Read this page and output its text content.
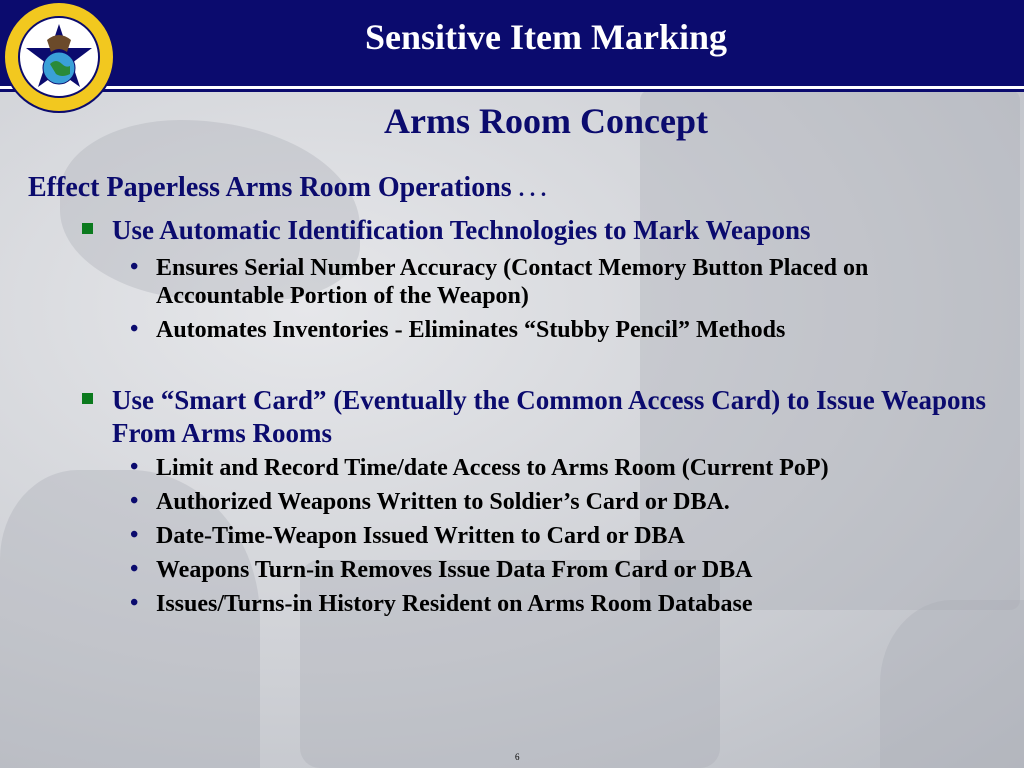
Sensitive Item Marking
Arms Room Concept
Effect Paperless Arms Room Operations . . .
Use Automatic Identification Technologies to Mark Weapons
• Ensures Serial Number Accuracy (Contact Memory Button Placed on Accountable Portion of the Weapon)
• Automates Inventories - Eliminates “Stubby Pencil” Methods
Use “Smart Card” (Eventually the Common Access Card) to Issue Weapons From Arms Rooms
• Limit and Record Time/date Access to Arms Room (Current PoP)
• Authorized Weapons Written to Soldier’s Card or DBA.
• Date-Time-Weapon Issued Written to Card or DBA
• Weapons Turn-in Removes Issue Data From Card or DBA
• Issues/Turns-in History Resident on Arms Room Database
6
